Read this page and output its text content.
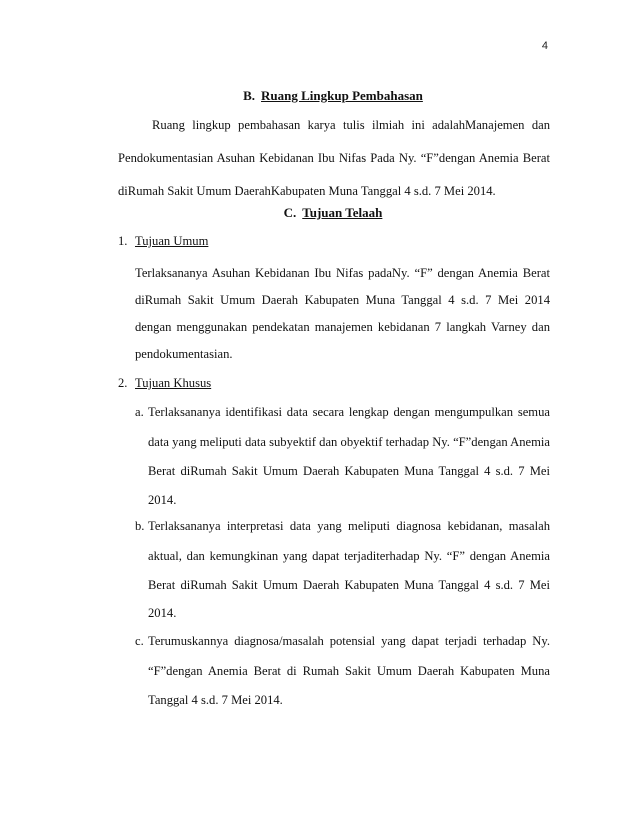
4
B. Ruang Lingkup Pembahasan
Ruang lingkup pembahasan karya tulis ilmiah ini adalahManajemen dan
Pendokumentasian Asuhan Kebidanan Ibu Nifas Pada Ny. “F”dengan Anemia Berat
diRumah Sakit Umum DaerahKabupaten Muna Tanggal 4 s.d. 7 Mei 2014.
C. Tujuan Telaah
1. Tujuan Umum
Terlaksananya Asuhan Kebidanan Ibu Nifas padaNy. “F” dengan Anemia Berat
diRumah Sakit Umum Daerah Kabupaten Muna Tanggal 4 s.d. 7 Mei 2014
dengan menggunakan pendekatan manajemen kebidanan 7 langkah Varney dan
pendokumentasian.
2. Tujuan Khusus
a. Terlaksananya identifikasi data secara lengkap dengan mengumpulkan semua
data yang meliputi data subyektif dan obyektif terhadap Ny. “F”dengan Anemia
Berat diRumah Sakit Umum Daerah Kabupaten Muna Tanggal 4 s.d. 7 Mei
2014.
b. Terlaksananya interpretasi data yang meliputi diagnosa kebidanan, masalah
aktual, dan kemungkinan yang dapat terjaditerhadap Ny. “F” dengan Anemia
Berat diRumah Sakit Umum Daerah Kabupaten Muna Tanggal 4 s.d. 7 Mei
2014.
c. Terumuskannya diagnosa/masalah potensial yang dapat terjadi terhadap Ny.
“F”dengan Anemia Berat di Rumah Sakit Umum Daerah Kabupaten Muna
Tanggal 4 s.d. 7 Mei 2014.
